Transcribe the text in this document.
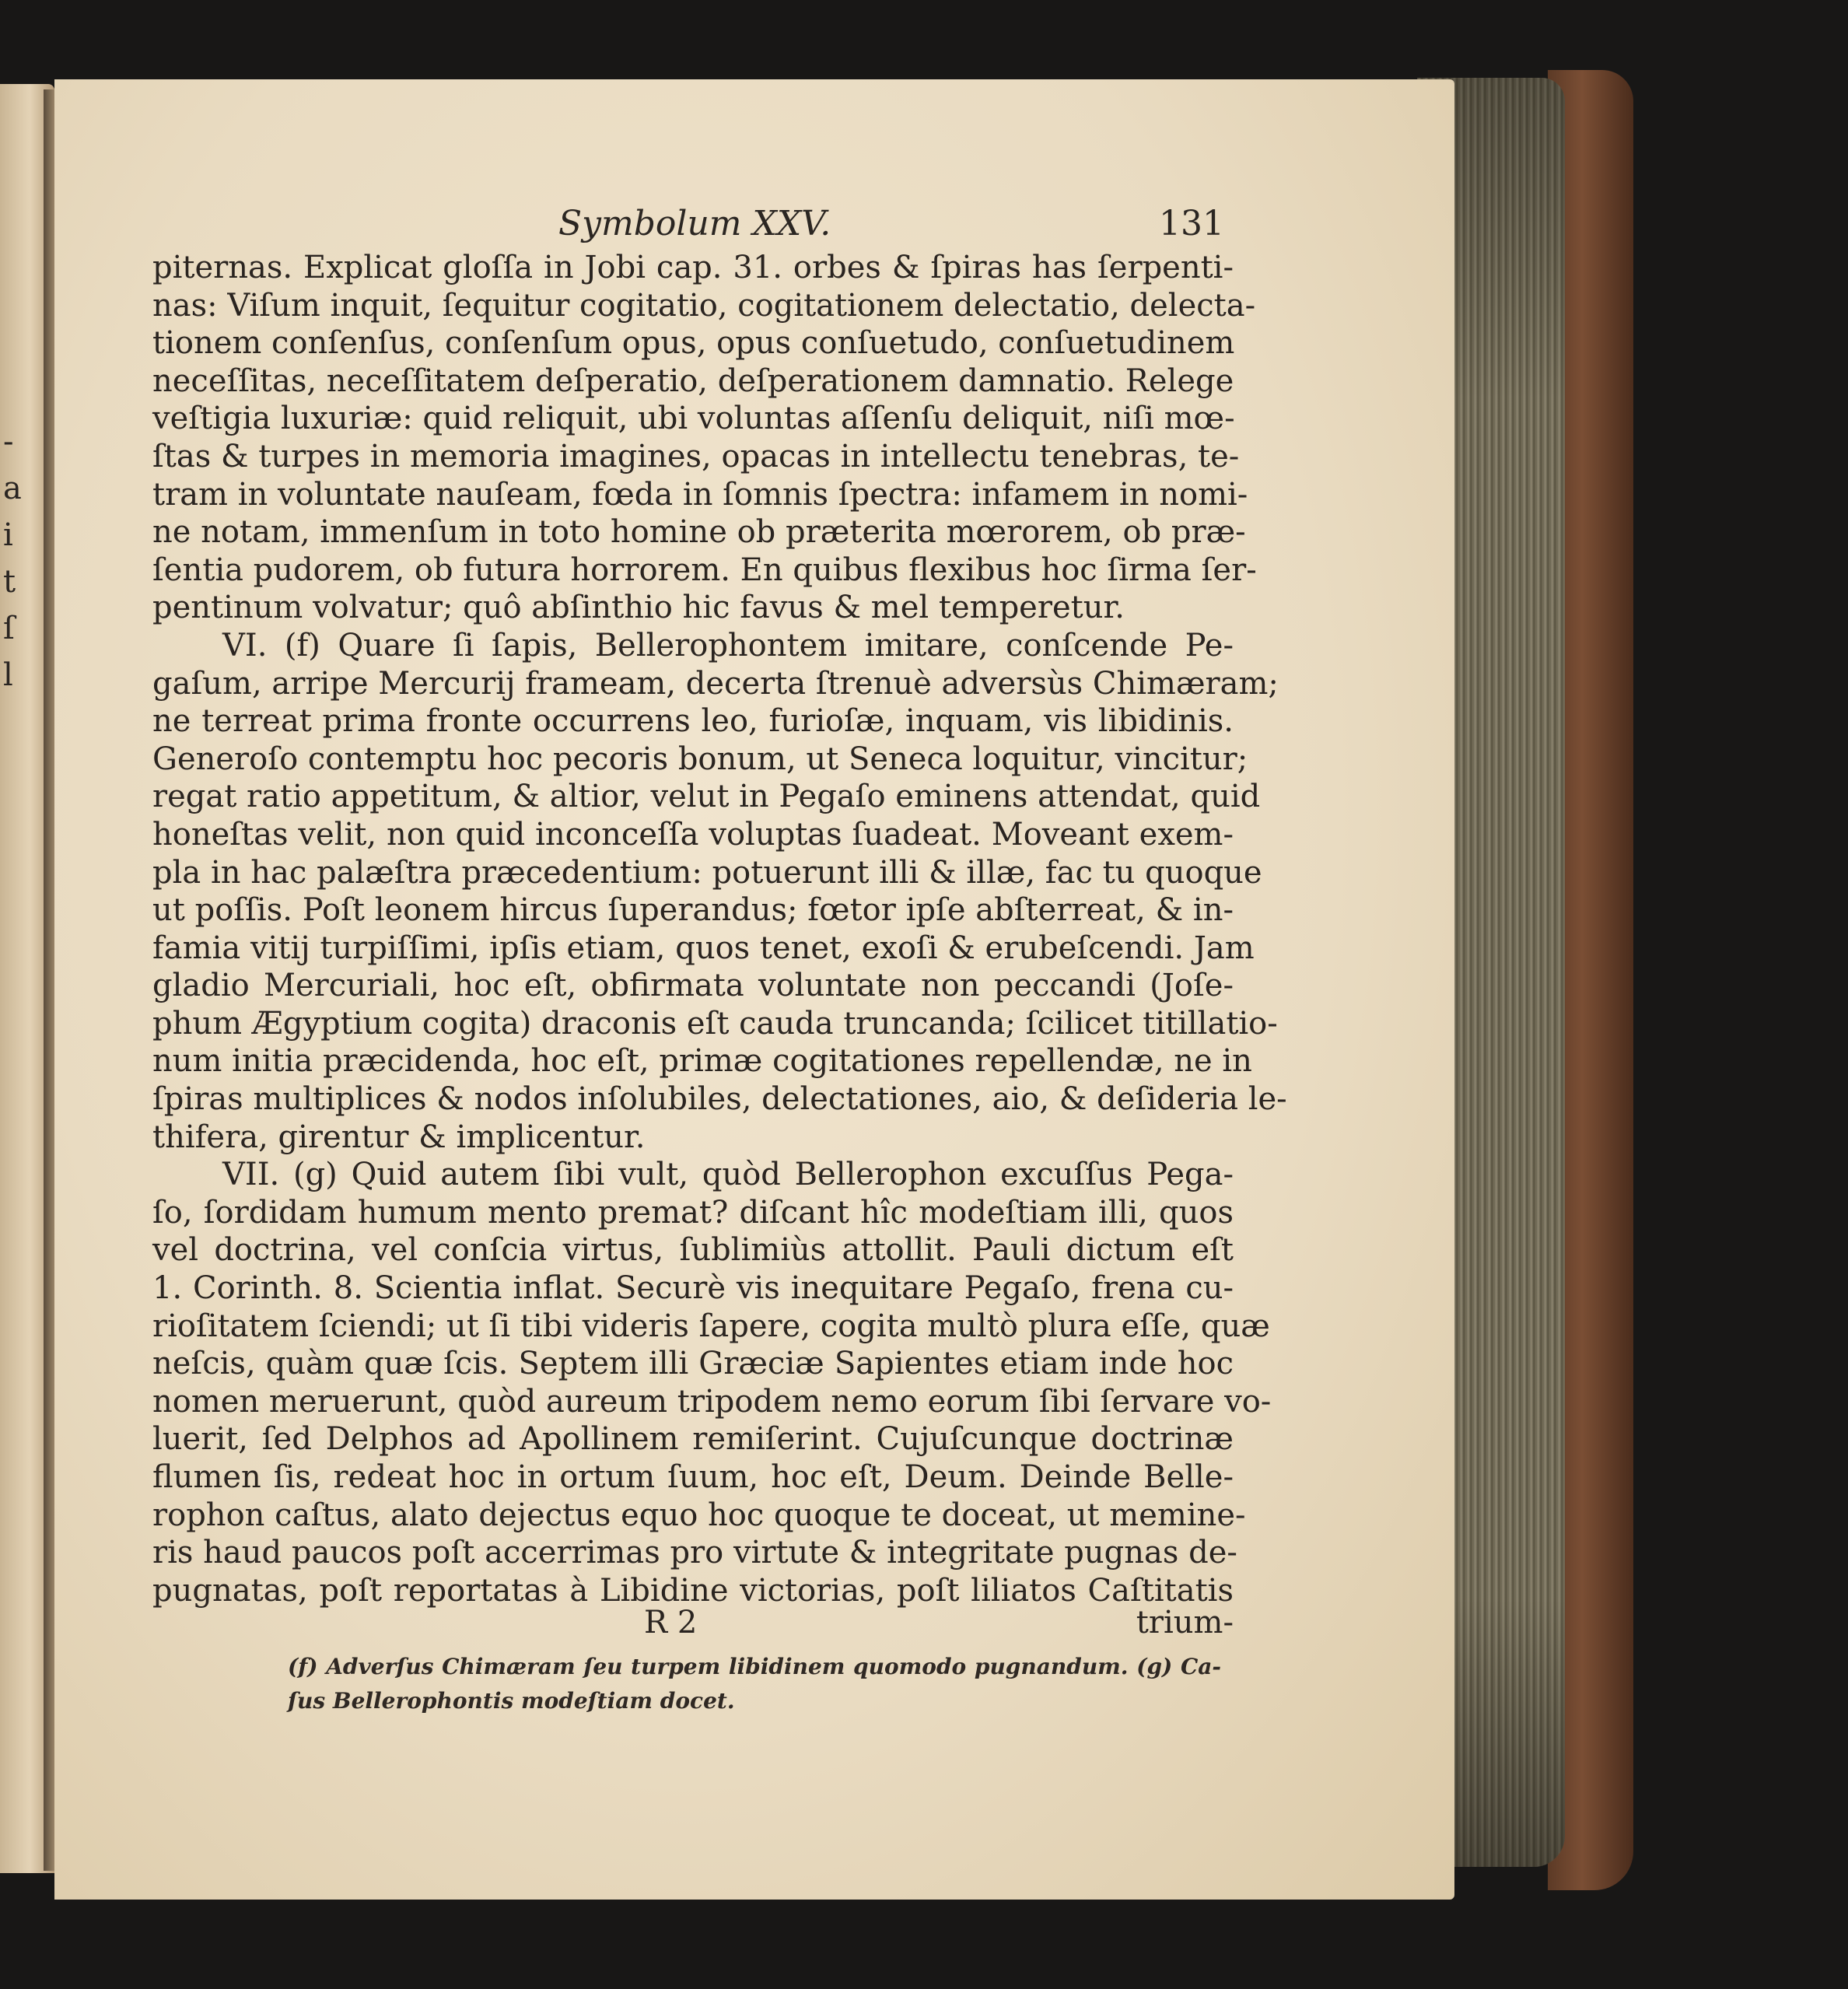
-
a
i
t
ſ
l
Symbolum XXV.	131
piternas. Explicat gloſſa in Jobi cap. 31. orbes & ſpiras has ſerpenti-
nas: Viſum inquit, ſequitur cogitatio, cogitationem delectatio, delecta-
tionem conſenſus, conſenſum opus, opus conſuetudo, conſuetudinem
neceſſitas, neceſſitatem deſperatio, deſperationem damnatio. Relege
veſtigia luxuriæ: quid reliquit, ubi voluntas aſſenſu deliquit, niſi mœ-
ſtas & turpes in memoria imagines, opacas in intellectu tenebras, te-
tram in voluntate nauſeam, fœda in ſomnis ſpectra: infamem in nomi-
ne notam, immenſum in toto homine ob præterita mœrorem, ob præ-
ſentia pudorem, ob futura horrorem. En quibus flexibus hoc ſirma ſer-
pentinum volvatur; quô abſinthio hic favus & mel temperetur.
VI. (f) Quare ſi ſapis, Bellerophontem imitare, conſcende Pe-
gaſum, arripe Mercurij frameam, decerta ſtrenuè adversùs Chimæram;
ne terreat prima fronte occurrens leo, furioſæ, inquam, vis libidinis.
Generoſo contemptu hoc pecoris bonum, ut Seneca loquitur, vincitur;
regat ratio appetitum, & altior, velut in Pegaſo eminens attendat, quid
honeſtas velit, non quid inconceſſa voluptas ſuadeat. Moveant exem-
pla in hac palæſtra præcedentium: potuerunt illi & illæ, fac tu quoque
ut poſſis. Poſt leonem hircus ſuperandus; fœtor ipſe abſterreat, & in-
famia vitij turpiſſimi, ipſis etiam, quos tenet, exoſi & erubeſcendi. Jam
gladio Mercuriali, hoc eſt, obfirmata voluntate non peccandi (Joſe-
phum Ægyptium cogita) draconis eſt cauda truncanda; ſcilicet titillatio-
num initia præcidenda, hoc eſt, primæ cogitationes repellendæ, ne in
ſpiras multiplices & nodos inſolubiles, delectationes, aio, & deſideria le-
thifera, girentur & implicentur.
VII. (g) Quid autem ſibi vult, quòd Bellerophon excuſſus Pega-
ſo, ſordidam humum mento premat? diſcant hîc modeſtiam illi, quos
vel doctrina, vel conſcia virtus, ſublimiùs attollit. Pauli dictum eſt
1. Corinth. 8. Scientia inflat. Securè vis inequitare Pegaſo, frena cu-
rioſitatem ſciendi; ut ſi tibi videris ſapere, cogita multò plura eſſe, quæ
neſcis, quàm quæ ſcis. Septem illi Græciæ Sapientes etiam inde hoc
nomen meruerunt, quòd aureum tripodem nemo eorum ſibi ſervare vo-
luerit, ſed Delphos ad Apollinem remiſerint. Cujuſcunque doctrinæ
flumen ſis, redeat hoc in ortum ſuum, hoc eſt, Deum. Deinde Belle-
rophon caſtus, alato dejectus equo hoc quoque te doceat, ut memine-
ris haud paucos poſt accerrimas pro virtute & integritate pugnas de-
pugnatas, poſt reportatas à Libidine victorias, poſt liliatos Caſtitatis
R 2	trium-
(f) Adverſus Chimæram ſeu turpem libidinem quomodo pugnandum. (g) Ca-
ſus Bellerophontis modeſtiam docet.
